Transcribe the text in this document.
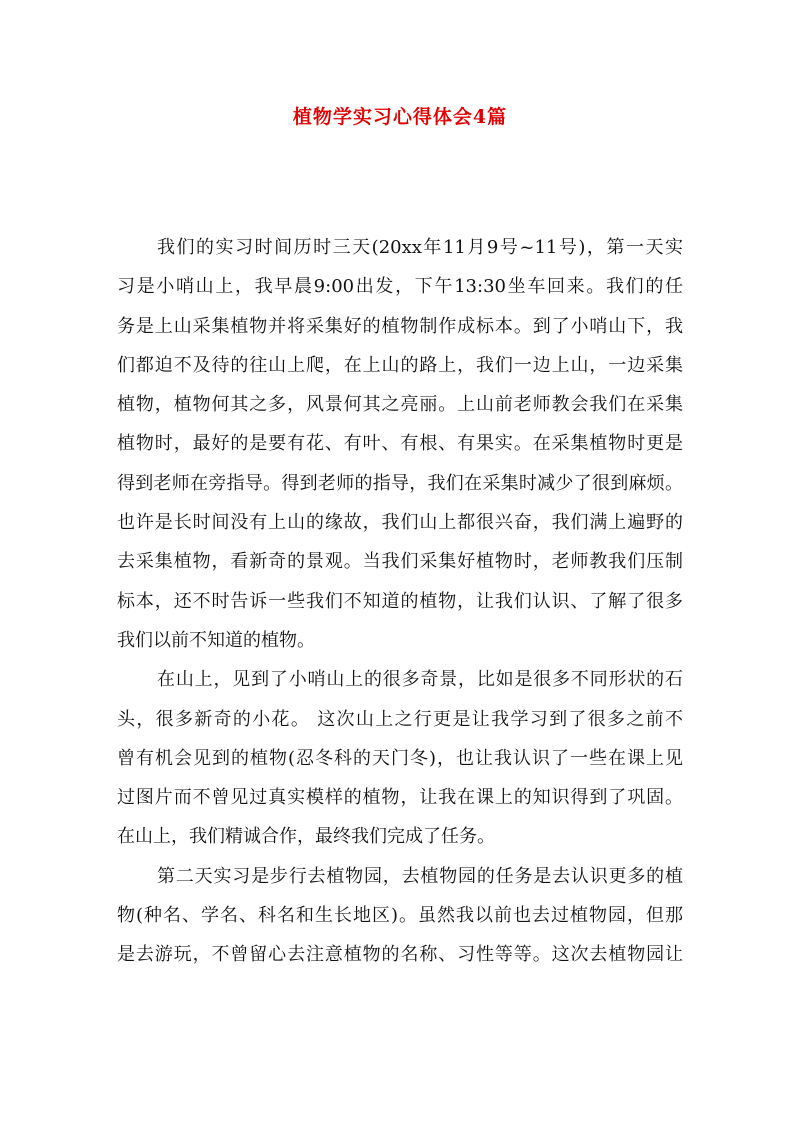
植物学实习心得体会4篇
我们的实习时间历时三天(20xx年11月9号~11号)，第一天实
习是小哨山上，我早晨9:00出发，下午13:30坐车回来。我们的任
务是上山采集植物并将采集好的植物制作成标本。到了小哨山下，我
们都迫不及待的往山上爬，在上山的路上，我们一边上山，一边采集
植物，植物何其之多，风景何其之亮丽。上山前老师教会我们在采集
植物时，最好的是要有花、有叶、有根、有果实。在采集植物时更是
得到老师在旁指导。得到老师的指导，我们在采集时减少了很到麻烦。
也许是长时间没有上山的缘故，我们山上都很兴奋，我们满上遍野的
去采集植物，看新奇的景观。当我们采集好植物时，老师教我们压制
标本，还不时告诉一些我们不知道的植物，让我们认识、了解了很多
我们以前不知道的植物。
在山上，见到了小哨山上的很多奇景，比如是很多不同形状的石
头，很多新奇的小花。 这次山上之行更是让我学习到了很多之前不
曾有机会见到的植物(忍冬科的天门冬)，也让我认识了一些在课上见
过图片而不曾见过真实模样的植物，让我在课上的知识得到了巩固。
在山上，我们精诚合作，最终我们完成了任务。
第二天实习是步行去植物园，去植物园的任务是去认识更多的植
物(种名、学名、科名和生长地区)。虽然我以前也去过植物园，但那
是去游玩，不曾留心去注意植物的名称、习性等等。这次去植物园让
